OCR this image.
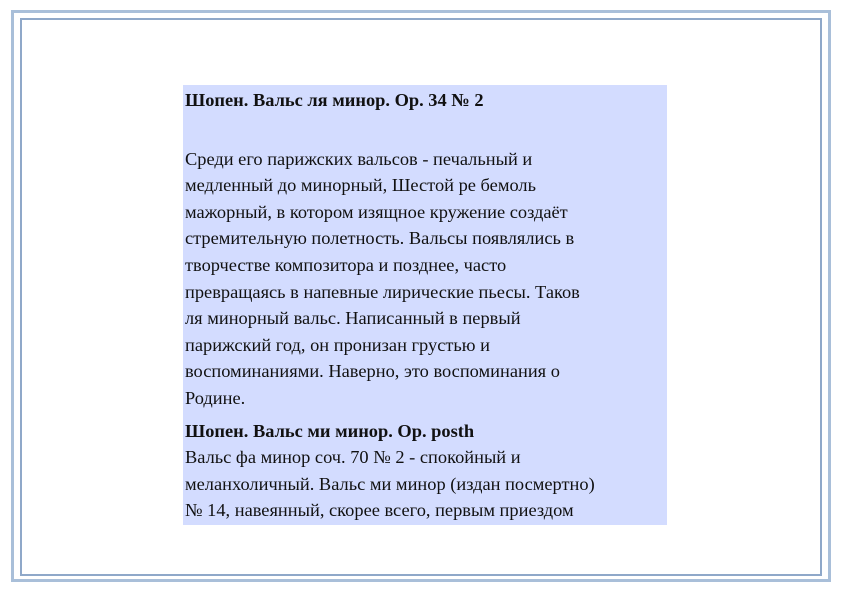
Шопен. Вальс ля минор. Op. 34 № 2
Среди его парижских вальсов - печальный и
медленный до минорный, Шестой ре бемоль
мажорный, в котором изящное кружение создаёт
стремительную полетность. Вальсы появлялись в
творчестве композитора и позднее, часто
превращаясь в напевные лирические пьесы. Таков
ля минорный вальс. Написанный в первый
парижский год, он пронизан грустью и
воспоминаниями. Наверно, это воспоминания о
Родине.
Шопен. Вальс ми минор. Op. posth
Вальс фа минор соч. 70 № 2 - спокойный и
меланхоличный. Вальс ми минор (издан посмертно)
№ 14, навеянный, скорее всего, первым приездом
